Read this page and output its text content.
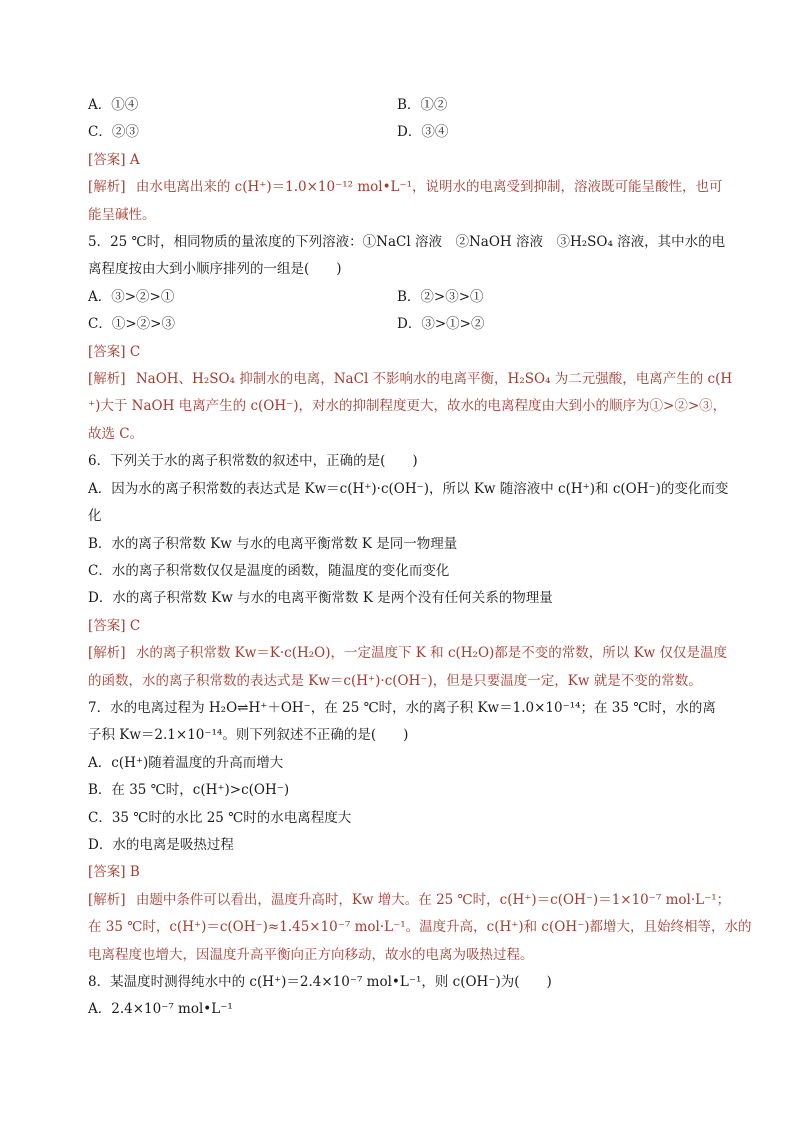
A．①④	B．①②
C．②③	D．③④
[答案] A
[解析] 由水电离出来的 c(H⁺)＝1.0×10⁻¹² mol•L⁻¹，说明水的电离受到抑制，溶液既可能呈酸性，也可
能呈碱性。
5．25 ℃时，相同物质的量浓度的下列溶液：①NaCl 溶液　②NaOH 溶液　③H₂SO₄ 溶液，其中水的电
离程度按由大到小顺序排列的一组是(　　)
A．③>②>①	B．②>③>①
C．①>②>③	D．③>①>②
[答案] C
[解析] NaOH、H₂SO₄ 抑制水的电离，NaCl 不影响水的电离平衡，H₂SO₄ 为二元强酸，电离产生的 c(H
⁺)大于 NaOH 电离产生的 c(OH⁻)，对水的抑制程度更大，故水的电离程度由大到小的顺序为①>②>③，
故选 C。
6．下列关于水的离子积常数的叙述中，正确的是(　　)
A．因为水的离子积常数的表达式是 Kw＝c(H⁺)·c(OH⁻)，所以 Kw 随溶液中 c(H⁺)和 c(OH⁻)的变化而变
化
B．水的离子积常数 Kw 与水的电离平衡常数 K 是同一物理量
C．水的离子积常数仅仅是温度的函数，随温度的变化而变化
D．水的离子积常数 Kw 与水的电离平衡常数 K 是两个没有任何关系的物理量
[答案] C
[解析] 水的离子积常数 Kw＝K·c(H₂O)，一定温度下 K 和 c(H₂O)都是不变的常数，所以 Kw 仅仅是温度
的函数，水的离子积常数的表达式是 Kw＝c(H⁺)·c(OH⁻)，但是只要温度一定，Kw 就是不变的常数。
7．水的电离过程为 H₂O⇌H⁺＋OH⁻，在 25 ℃时，水的离子积 Kw＝1.0×10⁻¹⁴；在 35 ℃时，水的离
子积 Kw＝2.1×10⁻¹⁴。则下列叙述不正确的是(　　)
A．c(H⁺)随着温度的升高而增大
B．在 35 ℃时，c(H⁺)>c(OH⁻)
C．35 ℃时的水比 25 ℃时的水电离程度大
D．水的电离是吸热过程
[答案] B
[解析] 由题中条件可以看出，温度升高时，Kw 增大。在 25 ℃时，c(H⁺)＝c(OH⁻)＝1×10⁻⁷ mol·L⁻¹；
在 35 ℃时，c(H⁺)＝c(OH⁻)≈1.45×10⁻⁷ mol·L⁻¹。温度升高，c(H⁺)和 c(OH⁻)都增大，且始终相等，水的
电离程度也增大，因温度升高平衡向正方向移动，故水的电离为吸热过程。
8．某温度时测得纯水中的 c(H⁺)＝2.4×10⁻⁷ mol•L⁻¹，则 c(OH⁻)为(　　)
A．2.4×10⁻⁷ mol•L⁻¹
